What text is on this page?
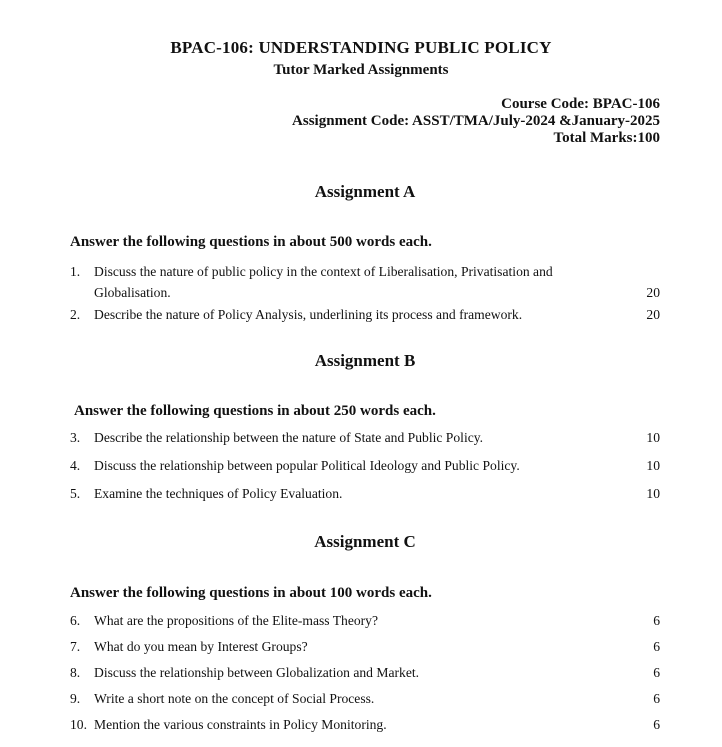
BPAC-106: UNDERSTANDING PUBLIC POLICY
Tutor Marked Assignments
Course Code: BPAC-106
Assignment Code: ASST/TMA/July-2024 &January-2025
Total Marks:100
Assignment A

Answer the following questions in about 500 words each.

1.	Discuss the nature of public policy in the context of Liberalisation, Privatisation and Globalisation.	20
2.	Describe the nature of Policy Analysis, underlining its process and framework.	20
Assignment B

Answer the following questions in about 250 words each.

3.	Describe the relationship between the nature of State and Public Policy.	10
4.	Discuss the relationship between popular Political Ideology and Public Policy.	10
5.	Examine the techniques of Policy Evaluation.	10
Assignment C

Answer the following questions in about 100 words each.

6.	What are the propositions of the Elite-mass Theory?	6
7.	What do you mean by Interest Groups?	6
8.	Discuss the relationship between Globalization and Market.	6
9.	Write a short note on the concept of Social Process.	6
10. Mention the various constraints in Policy Monitoring.	6
